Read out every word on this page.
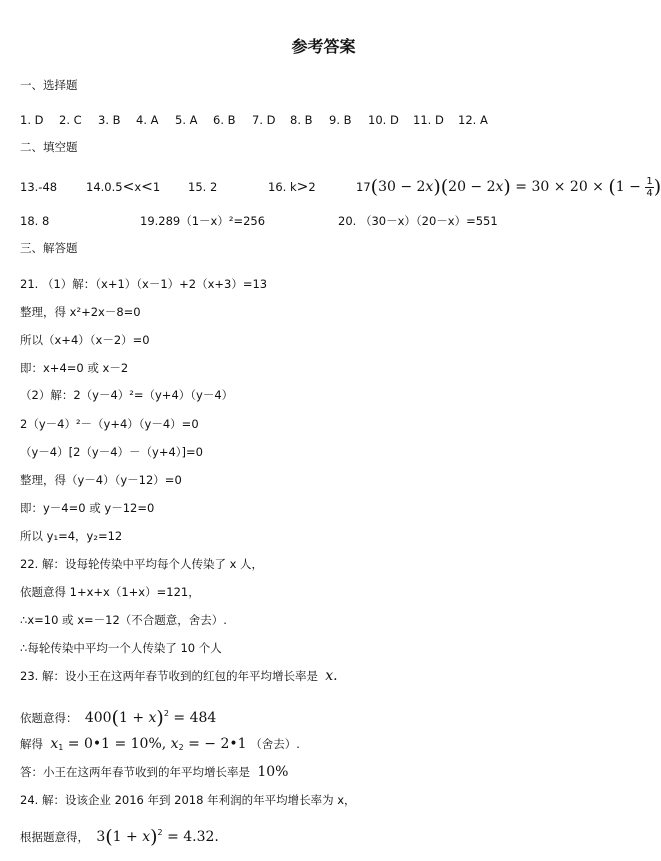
参考答案
一、选择题
1. D 2. C 3. B 4. A 5. A 6. B 7. D 8. B 9. B 10. D 11. D 12. A
二、填空题
13.-48	14.0.5<x<1 15. 2	16. k>2	$17(30 - 2x)(20 - 2x) = 30 \times 20 \times (1 - \frac{1}{4}$ )
18. 8	19.289（1－x）²=256	20. （30－x）（20－x）=551
三、解答题
21. （1）解：（x+1）（x－1）+2（x+3）=13
整理，得 x²+2x－8=0
所以（x+4）（x－2）=0
即：x+4=0 或 x－2
（2）解：2（y－4）²=（y+4）（y－4）
2（y－4）²－（y+4）（y－4）=0
（y－4）[2（y－4）－（y+4）]=0
整理，得（y－4）（y－12）=0
即：y－4=0 或 y－12=0
所以 y₁=4，y₂=12
22. 解：设每轮传染中平均每个人传染了 x 人，
依题意得 1+x+x（1+x）=121，
∴x=10 或 x=－12（不合题意，舍去）.
∴每轮传染中平均一个人传染了 10 个人
23. 解：设小王在这两年春节收到的红包的年平均增长率是 x.
依题意得： $400(1 + x)^2 = 484$
解得 $x_1$ = 0•1 = 10%, $x_2$ = − 2•1 （舍去）.
答：小王在这两年春节收到的年平均增长率是 10%
24. 解：设该企业 2016 年到 2018 年利润的年平均增长率为 x，
根据题意得， $3(1 + x)^2 = 4.32$.
